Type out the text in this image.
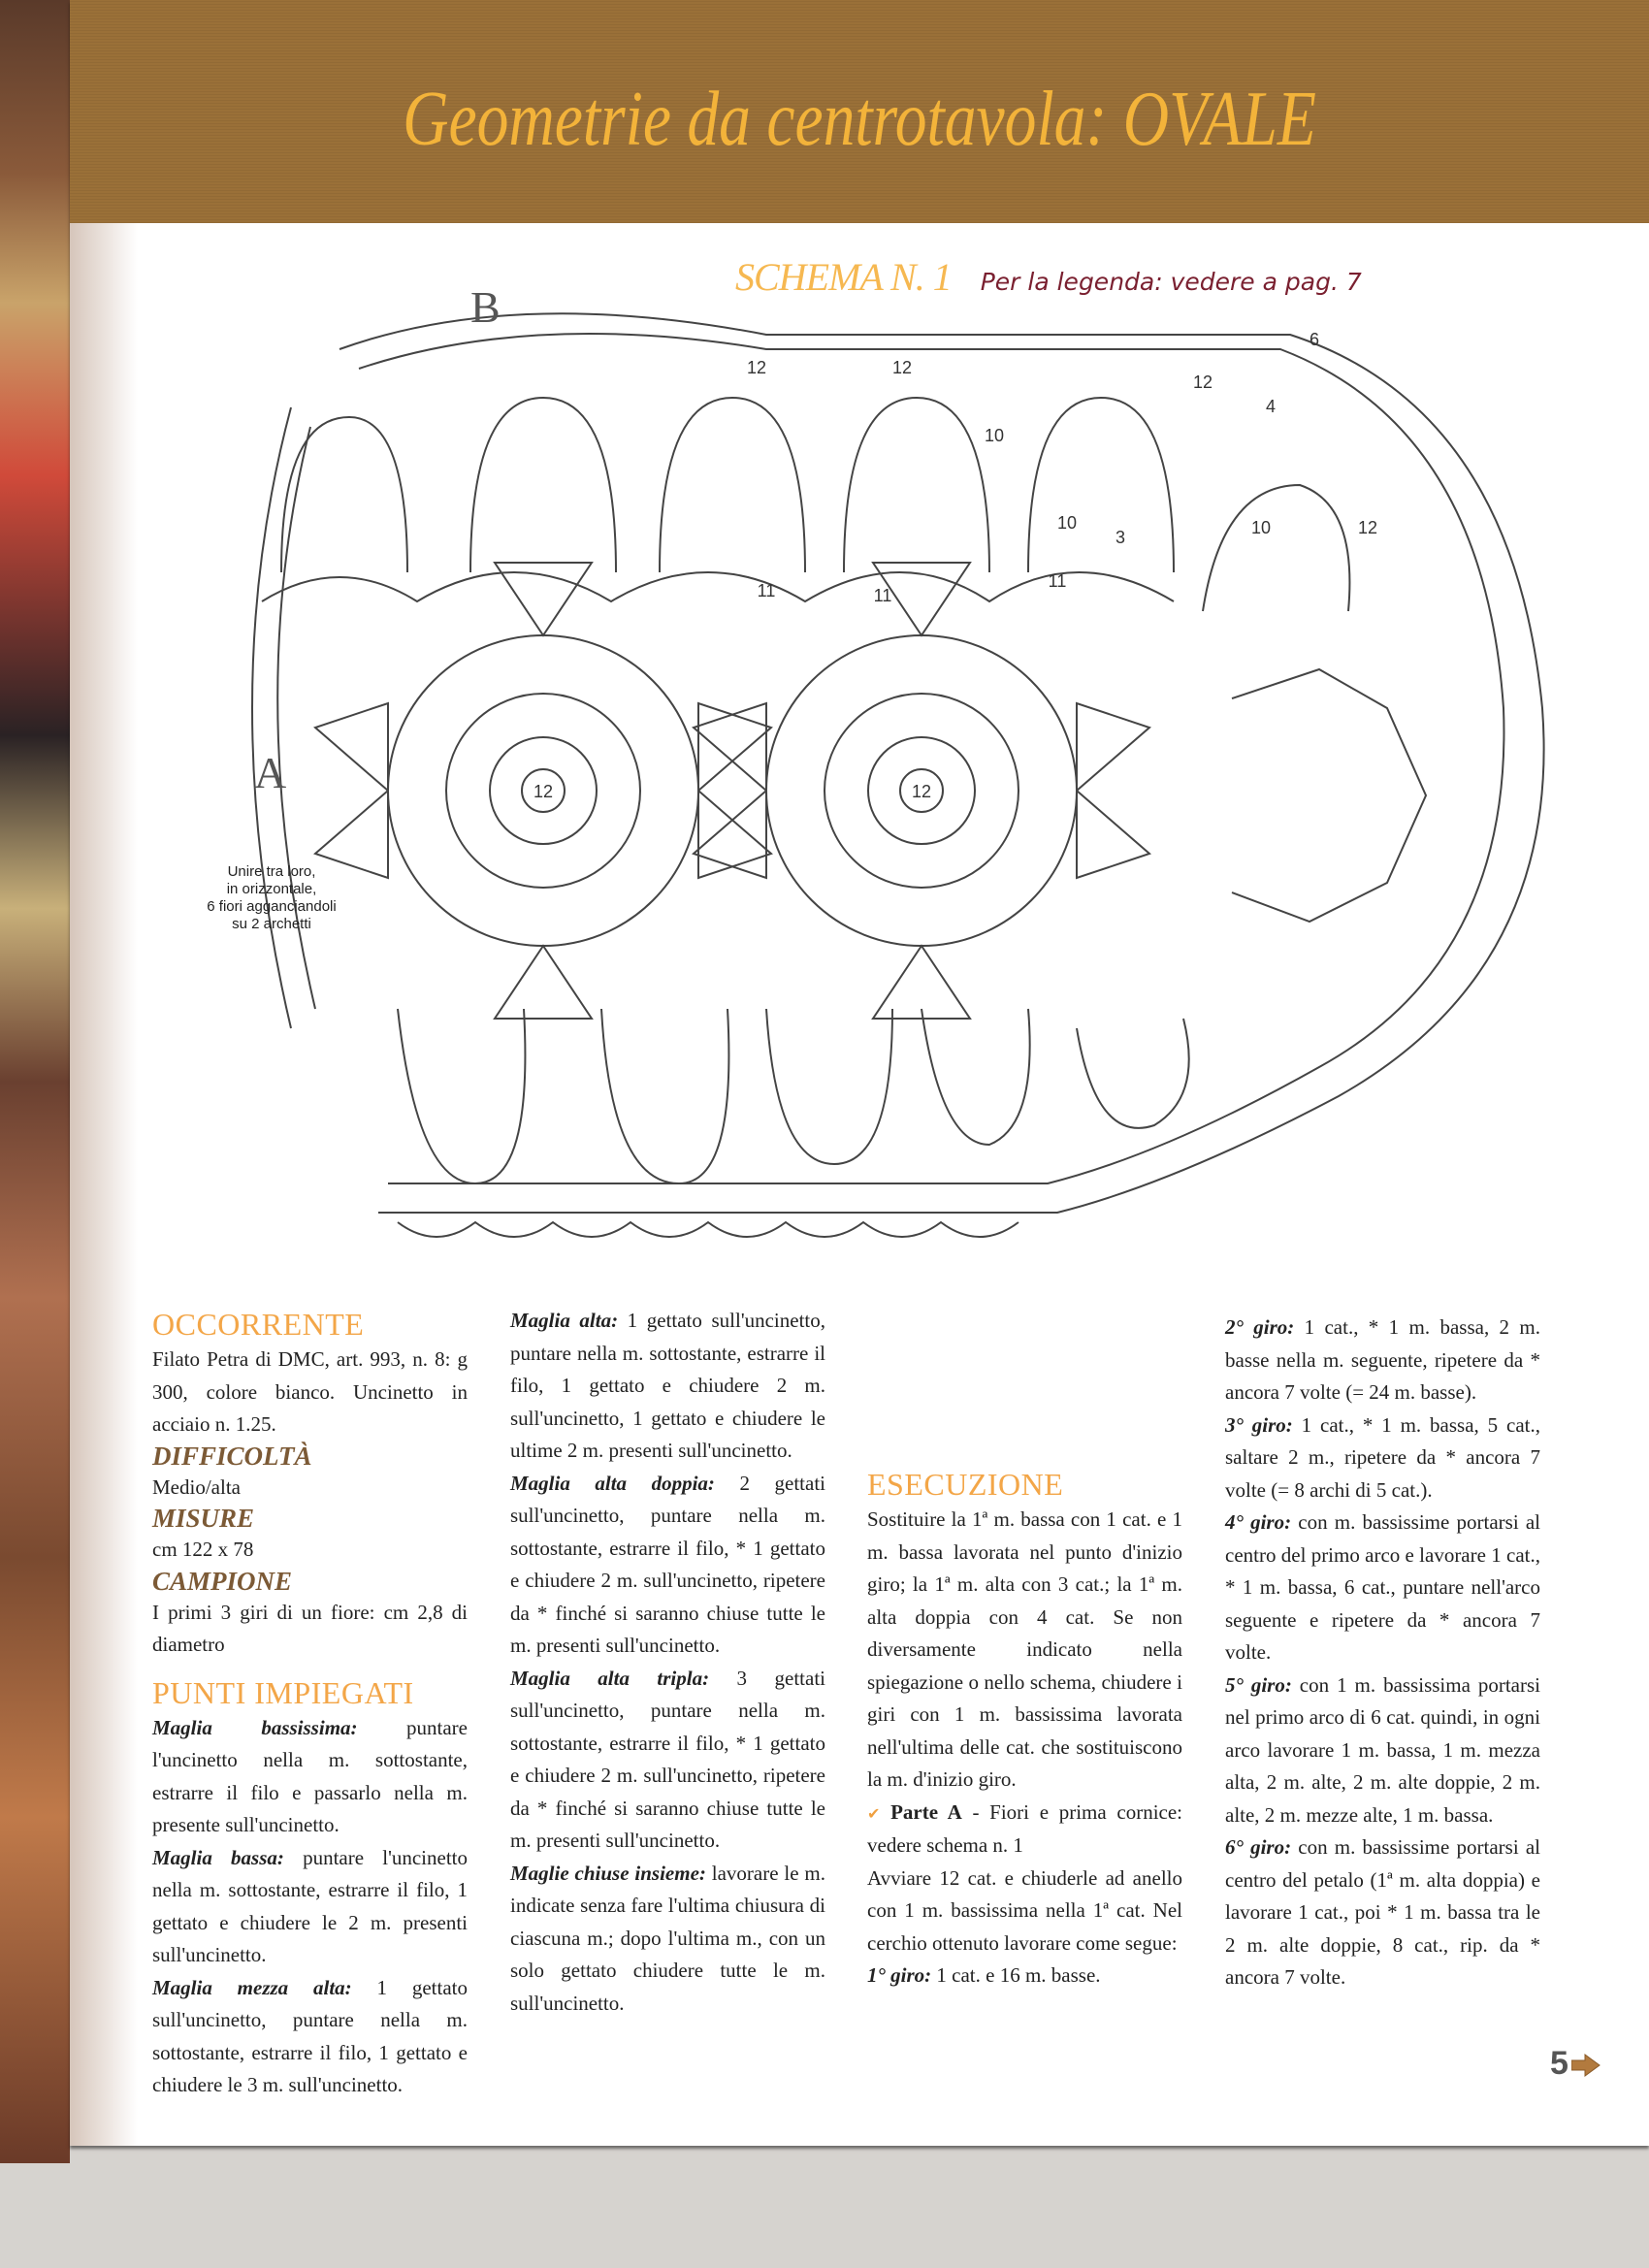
Geometrie da centrotavola: OVALE
SCHEMA N. 1 Per la legenda: vedere a pag. 7
12	12
12	12
12
12
11	11
11
10
10	10
3
4
6
B
A
Unire tra loro,
in orizzontale,
6 fiori agganciandoli
su 2 archetti
OCCORRENTE

Filato Petra di DMC, art. 993, n. 8: g 300, colore bianco. Uncinetto in acciaio n. 1.25.

DIFFICOLTÀ

Medio/alta

MISURE

cm 122 x 78

CAMPIONE

I primi 3 giri di un fiore: cm 2,8 di diametro

PUNTI IMPIEGATI

Maglia bassissima: puntare l'uncinetto nella m. sottostante, estrarre il filo e passarlo nella m. presente sull'uncinetto.

Maglia bassa: puntare l'uncinetto nella m. sottostante, estrarre il filo, 1 gettato e chiudere le 2 m. presenti sull'uncinetto.

Maglia mezza alta: 1 gettato sull'uncinetto, puntare nella m. sottostante, estrarre il filo, 1 gettato e chiudere le 3 m. sull'uncinetto.

Maglia alta: 1 gettato sull'uncinetto, puntare nella m. sottostante, estrarre il filo, 1 gettato e chiudere 2 m. sull'uncinetto, 1 gettato e chiudere le ultime 2 m. presenti sull'uncinetto.

Maglia alta doppia: 2 gettati sull'uncinetto, puntare nella m. sottostante, estrarre il filo, * 1 gettato e chiudere 2 m. sull'uncinetto, ripetere da * finché si saranno chiuse tutte le m. presenti sull'uncinetto.

Maglia alta tripla: 3 gettati sull'uncinetto, puntare nella m. sottostante, estrarre il filo, * 1 gettato e chiudere 2 m. sull'uncinetto, ripetere da * finché si saranno chiuse tutte le m. presenti sull'uncinetto.

Maglie chiuse insieme: lavorare le m. indicate senza fare l'ultima chiusura di ciascuna m.; dopo l'ultima m., con un solo gettato chiudere tutte le m. sull'uncinetto.

ESECUZIONE

Sostituire la 1ª m. bassa con 1 cat. e 1 m. bassa lavorata nel punto d'inizio giro; la 1ª m. alta con 3 cat.; la 1ª m. alta doppia con 4 cat. Se non diversamente indicato nella spiegazione o nello schema, chiudere i giri con 1 m. bassissima lavorata nell'ultima delle cat. che sostituiscono la m. d'inizio giro.

✔ Parte A - Fiori e prima cornice: vedere schema n. 1

Avviare 12 cat. e chiuderle ad anello con 1 m. bassissima nella 1ª cat. Nel cerchio ottenuto lavorare come segue:

1° giro: 1 cat. e 16 m. basse.

2° giro: 1 cat., * 1 m. bassa, 2 m. basse nella m. seguente, ripetere da * ancora 7 volte (= 24 m. basse).

3° giro: 1 cat., * 1 m. bassa, 5 cat., saltare 2 m., ripetere da * ancora 7 volte (= 8 archi di 5 cat.).

4° giro: con m. bassissime portarsi al centro del primo arco e lavorare 1 cat., * 1 m. bassa, 6 cat., puntare nell'arco seguente e ripetere da * ancora 7 volte.

5° giro: con 1 m. bassissima portarsi nel primo arco di 6 cat. quindi, in ogni arco lavorare 1 m. bassa, 1 m. mezza alta, 2 m. alte, 2 m. alte doppie, 2 m. alte, 2 m. mezze alte, 1 m. bassa.

6° giro: con m. bassissime portarsi al centro del petalo (1ª m. alta doppia) e lavorare 1 cat., poi * 1 m. bassa tra le 2 m. alte doppie, 8 cat., rip. da * ancora 7 volte.

5
